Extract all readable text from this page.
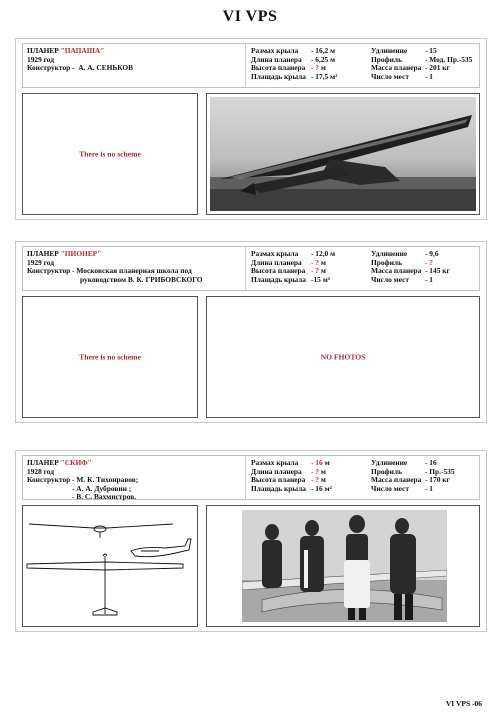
VI VPS
ПЛАНЕР "ПАПАША"
1929 год
Конструктор - А. А. СЕНЬКОВ
Размах крыла - 16,2 м	Удлинение - 15
Длина планера - 6,25 м	Профиль	- Мод. Пр.-535
Высота планера - ? м	Масса планера - 201 кг
Плащадь крыла - 17,5 м²	Число мест - 1
There is no scheme
ПЛАНЕР "ПИОНЕР"
1929 год
Конструктор - Московская планерная школа под
руководством В. К. ГРИБОВСКОГО
Размах крыла - 12,0 м	Удлинение - 9,6
Длина планера - ? м	Профиль	- ?
Высота планера - ? м	Масса планера - 145 кг
Плащадь крыла -15 м²	Число мест - 1
There is no scheme	NO FHOTOS
ПЛАНЕР "СКИФ"
1928 год
Конструктор - М. К. Тихонравов;
- А. А. Дубровин ;
- В. С. Вахмистров.
Размах крыла - 16 м	Удлинение - 16
Длина планера - ? м	Профиль	- Пр.-535
Высота планера - ? м	Масса планера - 170 кг
Плащадь крыла - 16 м²	Число мест - 1
VI VPS -06
